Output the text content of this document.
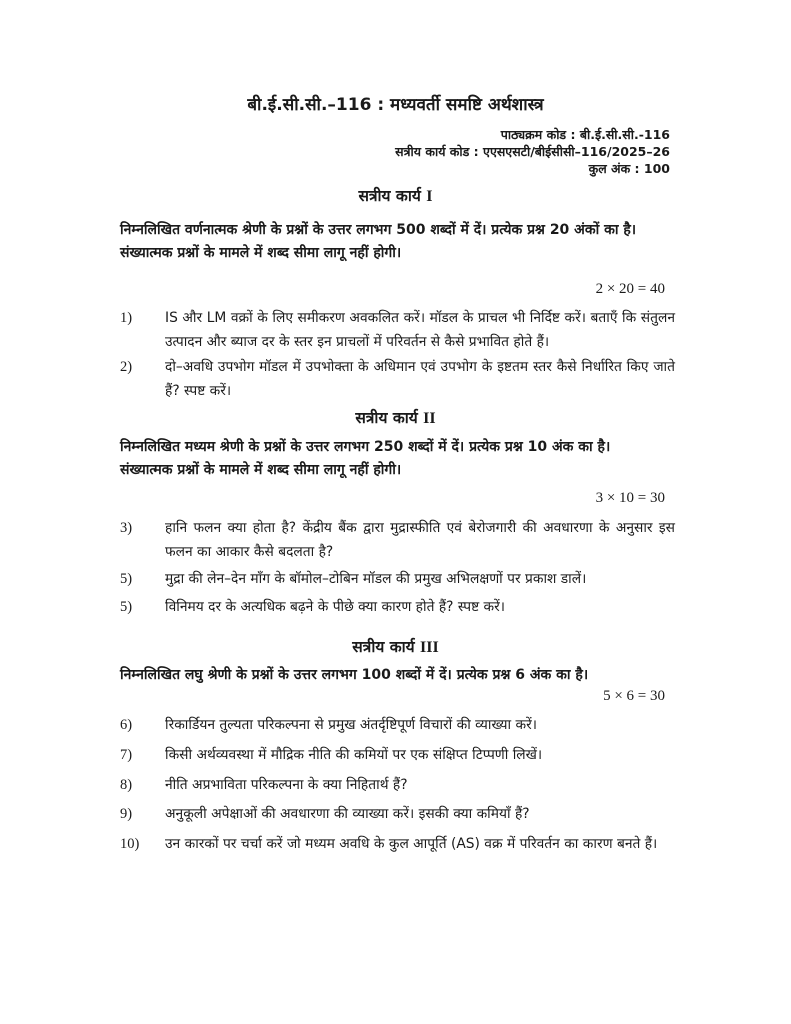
बी.ई.सी.सी.–116 : मध्यवर्ती समष्टि अर्थशास्त्र
पाठ्यक्रम कोड : बी.ई.सी.सी.-116
सत्रीय कार्य कोड : एएसएसटी/बीईसीसी–116/2025–26
कुल अंक : 100
सत्रीय कार्य I
निम्नलिखित वर्णनात्मक श्रेणी के प्रश्नों के उत्तर लगभग 500 शब्दों में दें। प्रत्येक प्रश्न 20 अंकों का है। संख्यात्मक प्रश्नों के मामले में शब्द सीमा लागू नहीं होगी।
2 × 20 = 40
1) IS और LM वक्रों के लिए समीकरण अवकलित करें। मॉडल के प्राचल भी निर्दिष्ट करें। बताएँ कि संतुलन उत्पादन और ब्याज दर के स्तर इन प्राचलों में परिवर्तन से कैसे प्रभावित होते हैं।
2) दो–अवधि उपभोग मॉडल में उपभोक्ता के अधिमान एवं उपभोग के इष्टतम स्तर कैसे निर्धारित किए जाते हैं? स्पष्ट करें।
सत्रीय कार्य II
निम्नलिखित मध्यम श्रेणी के प्रश्नों के उत्तर लगभग 250 शब्दों में दें। प्रत्येक प्रश्न 10 अंक का है। संख्यात्मक प्रश्नों के मामले में शब्द सीमा लागू नहीं होगी।
3 × 10 = 30
3) हानि फलन क्या होता है? केंद्रीय बैंक द्वारा मुद्रास्फीति एवं बेरोजगारी की अवधारणा के अनुसार इस फलन का आकार कैसे बदलता है?
5) मुद्रा की लेन–देन माँग के बॉमोल–टोबिन मॉडल की प्रमुख अभिलक्षणों पर प्रकाश डालें।
5) विनिमय दर के अत्यधिक बढ़ने के पीछे क्या कारण होते हैं? स्पष्ट करें।
सत्रीय कार्य III
निम्नलिखित लघु श्रेणी के प्रश्नों के उत्तर लगभग 100 शब्दों में दें। प्रत्येक प्रश्न 6 अंक का है।
5 × 6 = 30
6) रिकार्डियन तुल्यता परिकल्पना से प्रमुख अंतर्दृष्टिपूर्ण विचारों की व्याख्या करें।
7) किसी अर्थव्यवस्था में मौद्रिक नीति की कमियों पर एक संक्षिप्त टिप्पणी लिखें।
8) नीति अप्रभाविता परिकल्पना के क्या निहितार्थ हैं?
9) अनुकूली अपेक्षाओं की अवधारणा की व्याख्या करें। इसकी क्या कमियाँ हैं?
10) उन कारकों पर चर्चा करें जो मध्यम अवधि के कुल आपूर्ति (AS) वक्र में परिवर्तन का कारण बनते हैं।
